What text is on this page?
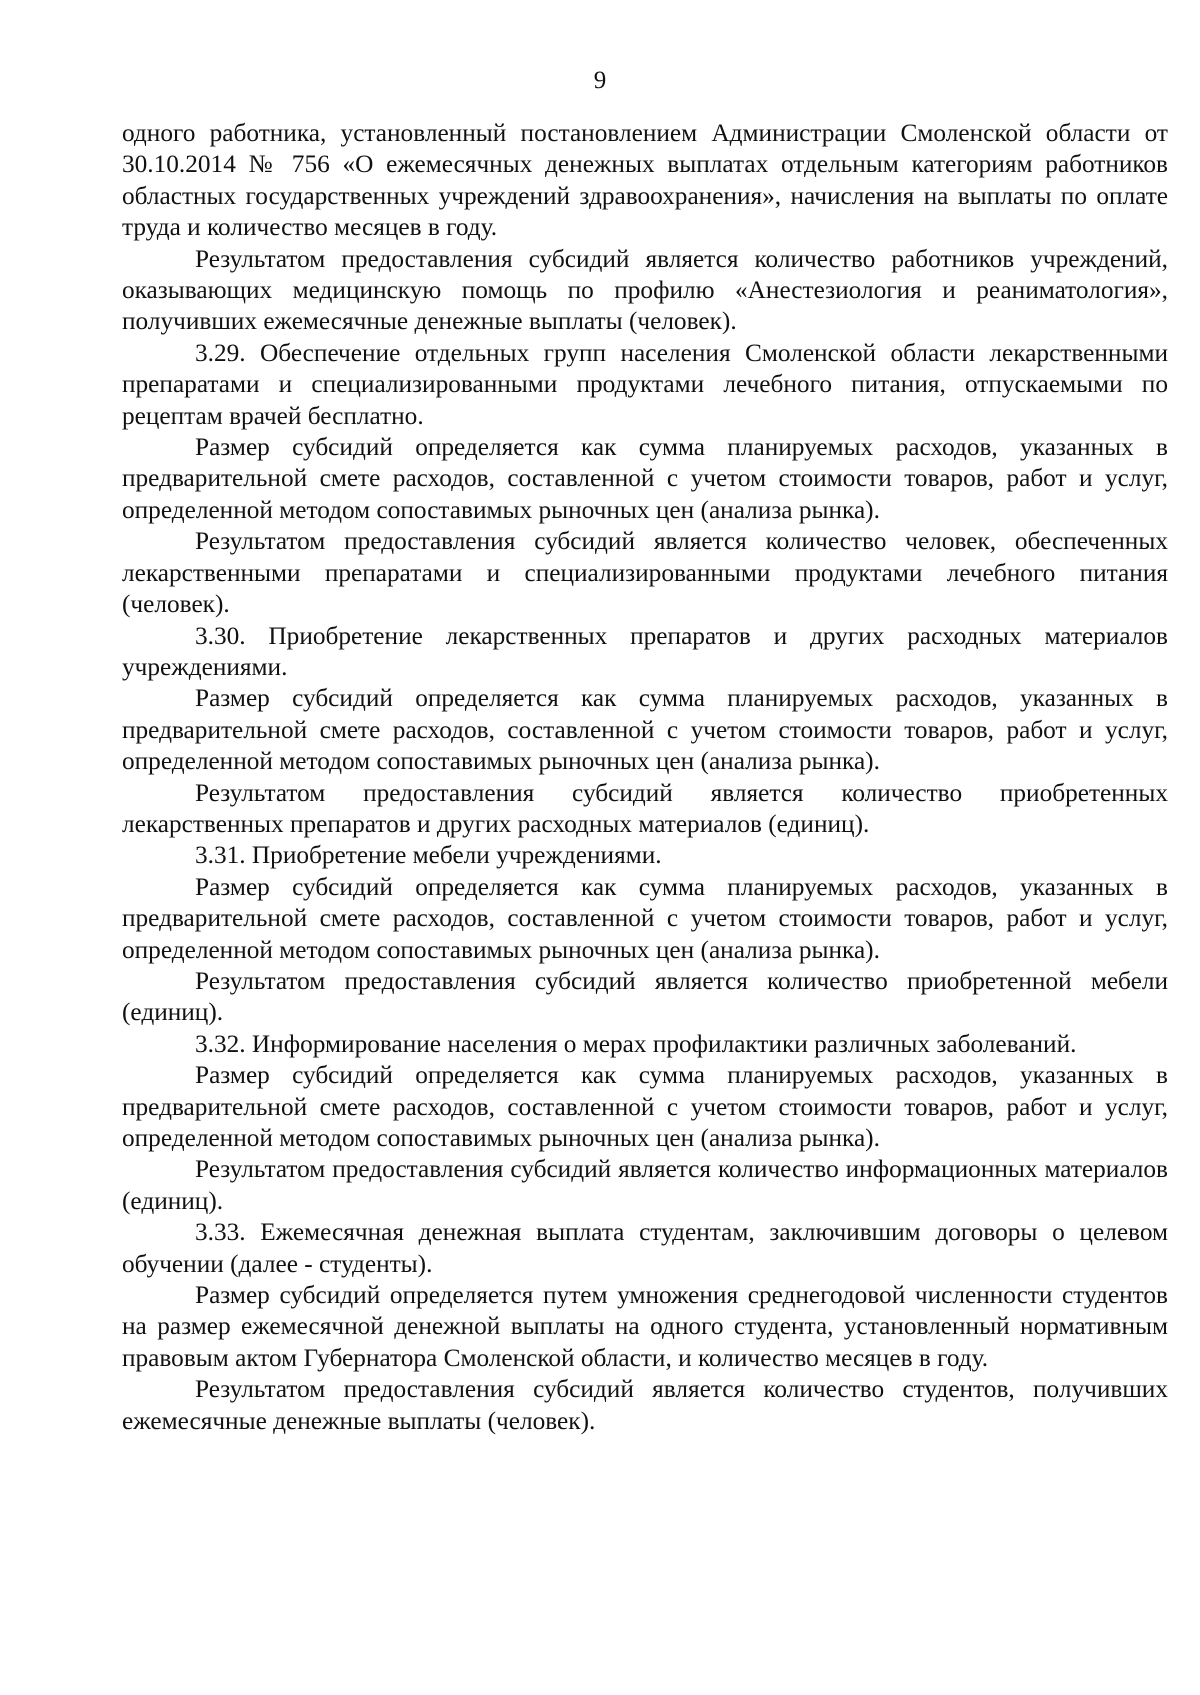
9

одного работника, установленный постановлением Администрации Смоленской области от 30.10.2014 № 756 «О ежемесячных денежных выплатах отдельным категориям работников областных государственных учреждений здравоохранения», начисления на выплаты по оплате труда и количество месяцев в году.

Результатом предоставления субсидий является количество работников учреждений, оказывающих медицинскую помощь по профилю «Анестезиология и реаниматология», получивших ежемесячные денежные выплаты (человек).

3.29. Обеспечение отдельных групп населения Смоленской области лекарственными препаратами и специализированными продуктами лечебного питания, отпускаемыми по рецептам врачей бесплатно.

Размер субсидий определяется как сумма планируемых расходов, указанных в предварительной смете расходов, составленной с учетом стоимости товаров, работ и услуг, определенной методом сопоставимых рыночных цен (анализа рынка).

Результатом предоставления субсидий является количество человек, обеспеченных лекарственными препаратами и специализированными продуктами лечебного питания (человек).

3.30. Приобретение лекарственных препаратов и других расходных материалов учреждениями.

Размер субсидий определяется как сумма планируемых расходов, указанных в предварительной смете расходов, составленной с учетом стоимости товаров, работ и услуг, определенной методом сопоставимых рыночных цен (анализа рынка).

Результатом предоставления субсидий является количество приобретенных лекарственных препаратов и других расходных материалов (единиц).

3.31. Приобретение мебели учреждениями.

Размер субсидий определяется как сумма планируемых расходов, указанных в предварительной смете расходов, составленной с учетом стоимости товаров, работ и услуг, определенной методом сопоставимых рыночных цен (анализа рынка).

Результатом предоставления субсидий является количество приобретенной мебели (единиц).

3.32. Информирование населения о мерах профилактики различных заболеваний.

Размер субсидий определяется как сумма планируемых расходов, указанных в предварительной смете расходов, составленной с учетом стоимости товаров, работ и услуг, определенной методом сопоставимых рыночных цен (анализа рынка).

Результатом предоставления субсидий является количество информационных материалов (единиц).

3.33. Ежемесячная денежная выплата студентам, заключившим договоры о целевом обучении (далее - студенты).

Размер субсидий определяется путем умножения среднегодовой численности студентов на размер ежемесячной денежной выплаты на одного студента, установленный нормативным правовым актом Губернатора Смоленской области, и количество месяцев в году.

Результатом предоставления субсидий является количество студентов, получивших ежемесячные денежные выплаты (человек).
